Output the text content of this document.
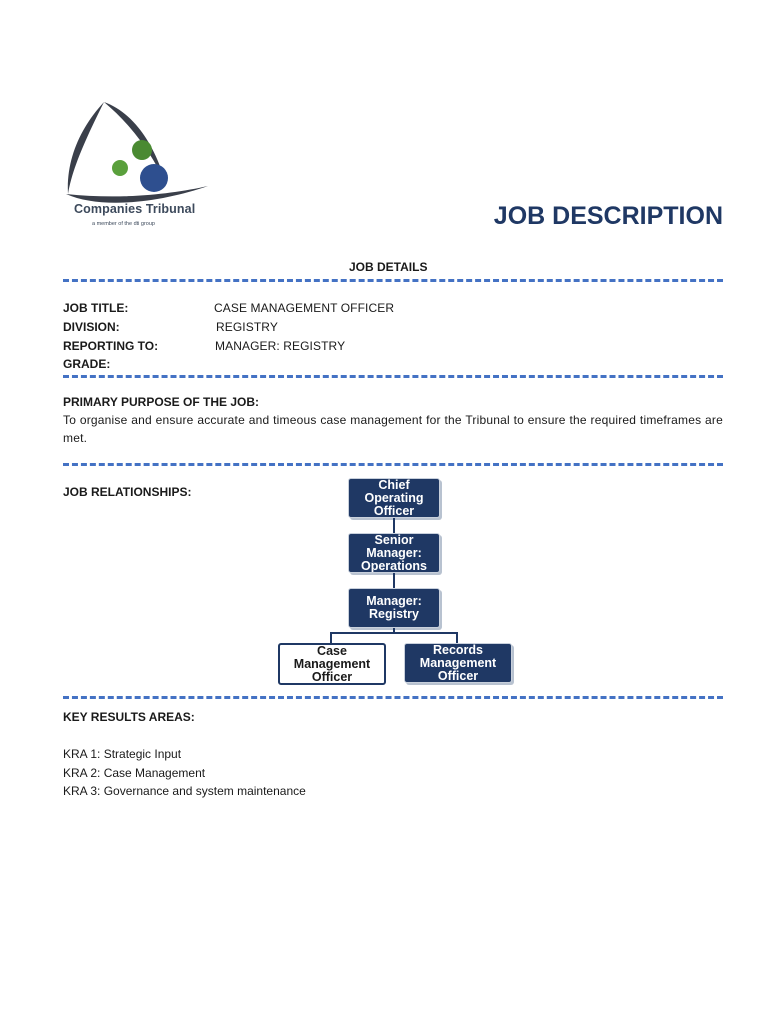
Companies Tribunal
a member of the dti group	JOB DESCRIPTION
JOB DETAILS
JOB TITLE:	CASE MANAGEMENT OFFICER
DIVISION:	REGISTRY
REPORTING TO:	MANAGER: REGISTRY
GRADE:
PRIMARY PURPOSE OF THE JOB:
To organise and ensure accurate and timeous case management for the Tribunal to ensure the required timeframes are met.
JOB RELATIONSHIPS:
Chief Operating Officer
Senior Manager: Operations
Manager: Registry
Case Management Officer
Records Management Officer
KEY RESULTS AREAS:
KRA 1: Strategic Input
KRA 2: Case Management
KRA 3: Governance and system maintenance
